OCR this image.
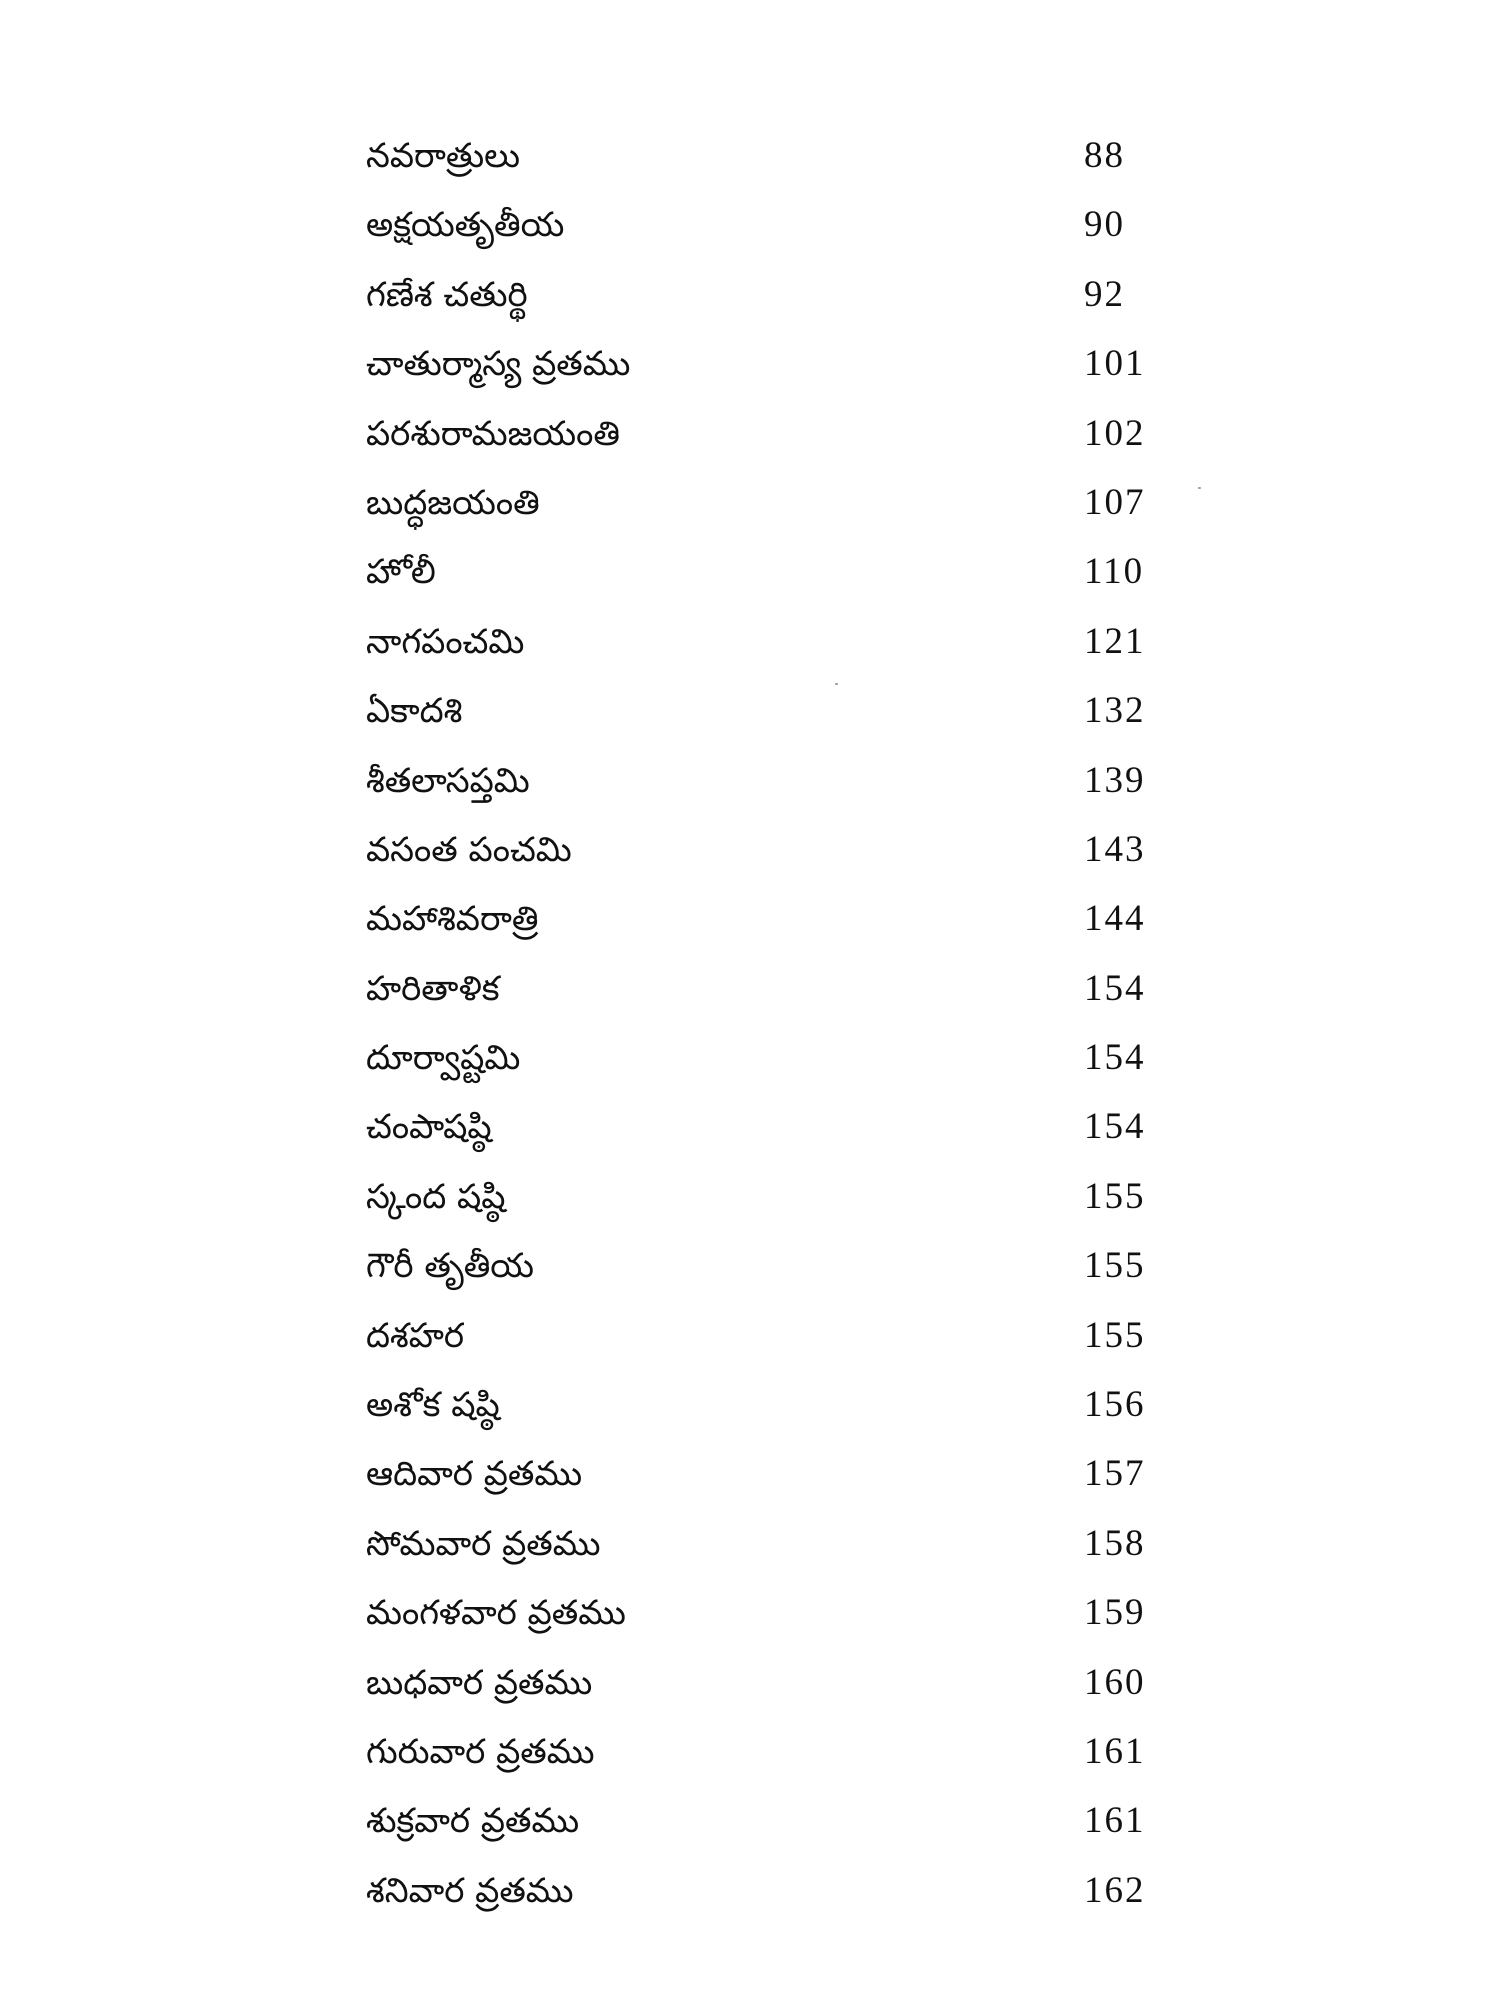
నవరాత్రులు	88
అక్షయతృతీయ	90
గణేశ చతుర్థి	92
చాతుర్మాస్య వ్రతము	101
పరశురామజయంతి	102
బుద్ధజయంతి	107
హోలీ	110
నాగపంచమి	121
ఏకాదశి	132
శీతలాసప్తమి	139
వసంత పంచమి	143
మహాశివరాత్రి	144
హరితాళిక	154
దూర్వాష్టమి	154
చంపాషష్ఠి	154
స్కంద షష్ఠి	155
గౌరీ తృతీయ	155
దశహర	155
అశోక షష్ఠి	156
ఆదివార వ్రతము	157
సోమవార వ్రతము	158
మంగళవార వ్రతము	159
బుధవార వ్రతము	160
గురువార వ్రతము	161
శుక్రవార వ్రతము	161
శనివార వ్రతము	162
